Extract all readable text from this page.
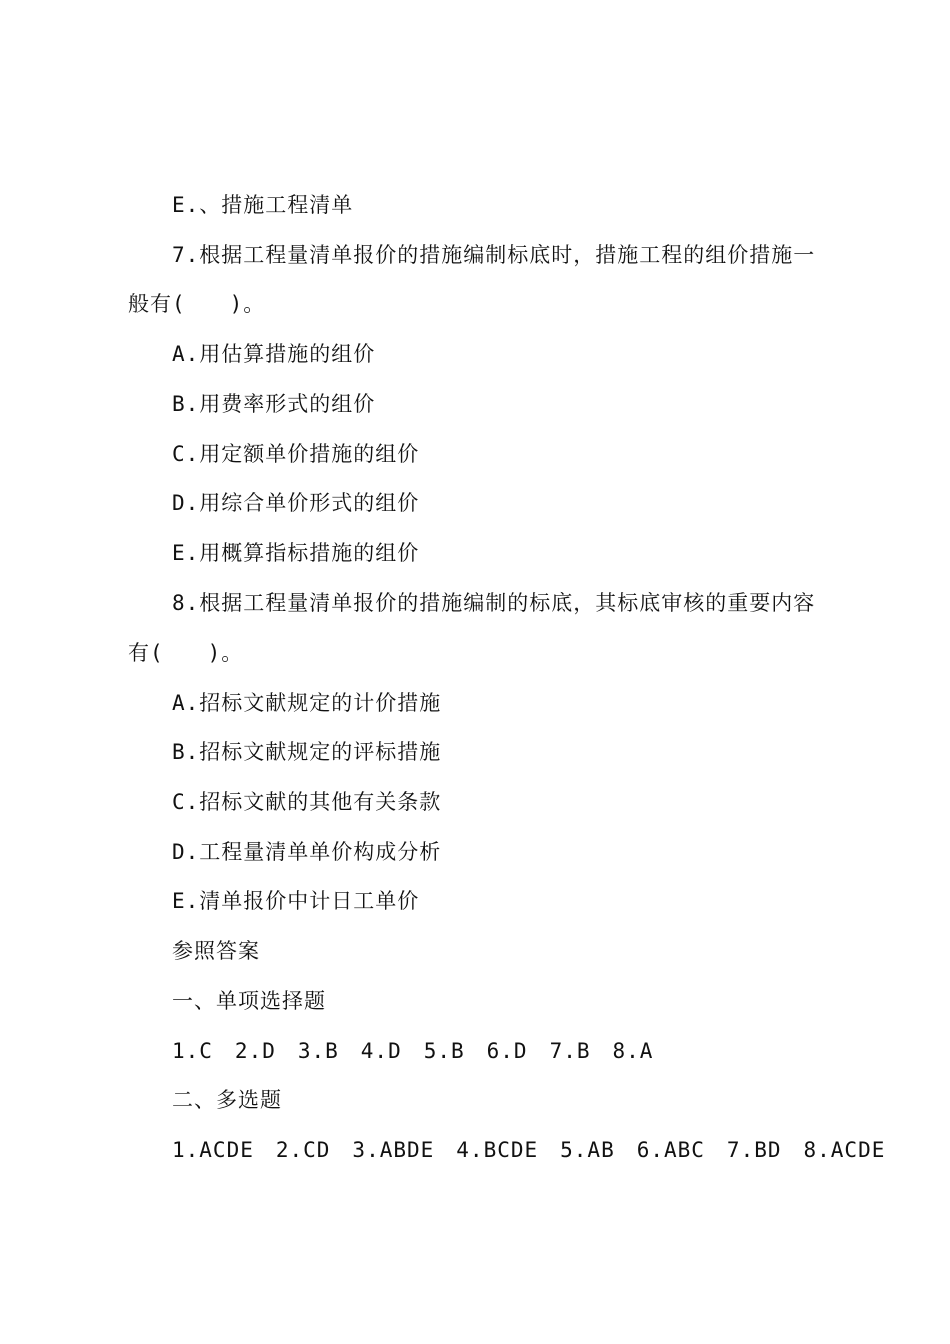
E.、措施工程清单
7.根据工程量清单报价的措施编制标底时，措施工程的组价措施一
般有(　　)。
A.用估算措施的组价
B.用费率形式的组价
C.用定额单价措施的组价
D.用综合单价形式的组价
E.用概算指标措施的组价
8.根据工程量清单报价的措施编制的标底，其标底审核的重要内容
有(　　)。
A.招标文献规定的计价措施
B.招标文献规定的评标措施
C.招标文献的其他有关条款
D.工程量清单单价构成分析
E.清单报价中计日工单价
参照答案
一、单项选择题
1.C　2.D　3.B　4.D　5.B　6.D　7.B　8.A
二、多选题
1.ACDE　2.CD　3.ABDE　4.BCDE　5.AB　6.ABC　7.BD　8.ACDE
